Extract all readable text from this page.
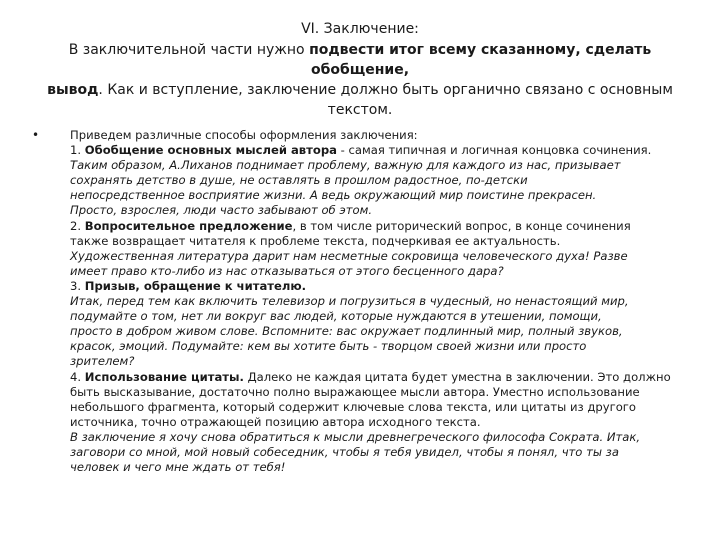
VI. Заключение:

В заключительной части нужно подвести итог всему сказанному, сделать обобщение,
вывод. Как и вступление, заключение должно быть органично связано с основным текстом.

•	Приведем различные способы оформления заключения:
1. Обобщение основных мыслей автора - самая типичная и логичная концовка сочинения.
Таким образом, А.Лиханов поднимает проблему, важную для каждого из нас, призывает
сохранять детство в душе, не оставлять в прошлом радостное, по-детски
непосредственное восприятие жизни. А ведь окружающий мир поистине прекрасен.
Просто, взрослея, люди часто забывают об этом.
2. Вопросительное предложение, в том числе риторический вопрос, в конце сочинения
также возвращает читателя к проблеме текста, подчеркивая ее актуальность.
Художественная литература дарит нам несметные сокровища человеческого духа! Разве
имеет право кто-либо из нас отказываться от этого бесценного дара?
3. Призыв, обращение к читателю.
Итак, перед тем как включить телевизор и погрузиться в чудесный, но ненастоящий мир,
подумайте о том, нет ли вокруг вас людей, которые нуждаются в утешении, помощи,
просто в добром живом слове. Вспомните: вас окружает подлинный мир, полный звуков,
красок, эмоций. Подумайте: кем вы хотите быть - творцом своей жизни или просто
зрителем?
4. Использование цитаты. Далеко не каждая цитата будет уместна в заключении. Это должно
быть высказывание, достаточно полно выражающее мысли автора. Уместно использование
небольшого фрагмента, который содержит ключевые слова текста, или цитаты из другого
источника, точно отражающей позицию автора исходного текста.
В заключение я хочу снова обратиться к мысли древнегреческого философа Сократа. Итак,
заговори со мной, мой новый собеседник, чтобы я тебя увидел, чтобы я понял, что ты за
человек и чего мне ждать от тебя!
